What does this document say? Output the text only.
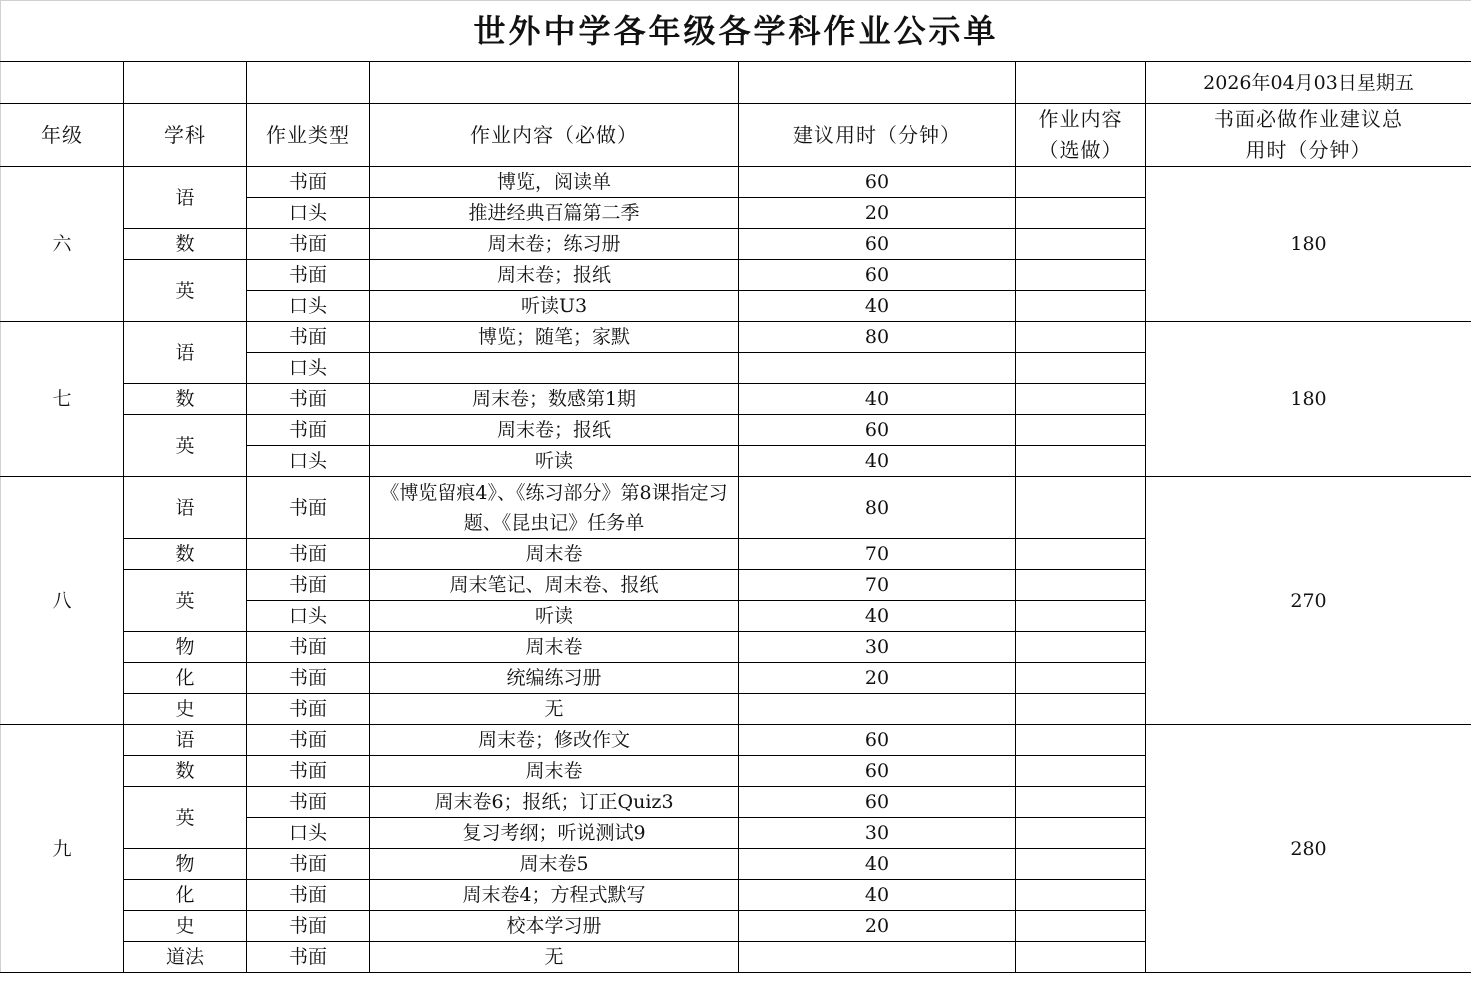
世外中学各年级各学科作业公示单						
						2026年04月03日星期五
年级	学科	作业类型	作业内容（必做）	建议用时（分钟）	作业内容（选做）	书面必做作业建议总用时（分钟）
六	语	书面	博览，阅读单	60		180
		口头	推进经典百篇第二季	20		
	数	书面	周末卷；练习册	60		
	英	书面	周末卷；报纸	60		
		口头	听读U3	40		
七	语	书面	博览；随笔；家默	80		180
		口头				
	数	书面	周末卷；数感第1期	40		
	英	书面	周末卷；报纸	60		
		口头	听读	40		
八	语	书面	《博览留痕4》、《练习部分》第8课指定习题、《昆虫记》任务单	80		270
	数	书面	周末卷	70		
	英	书面	周末笔记、周末卷、报纸	70		
		口头	听读	40		
	物	书面	周末卷	30		
	化	书面	统编练习册	20		
	史	书面	无			
九	语	书面	周末卷；修改作文	60		280
	数	书面	周末卷	60		
	英	书面	周末卷6；报纸；订正Quiz3	60		
		口头	复习考纲；听说测试9	30		
	物	书面	周末卷5	40		
	化	书面	周末卷4；方程式默写	40		
	史	书面	校本学习册	20		
	道法	书面	无			
